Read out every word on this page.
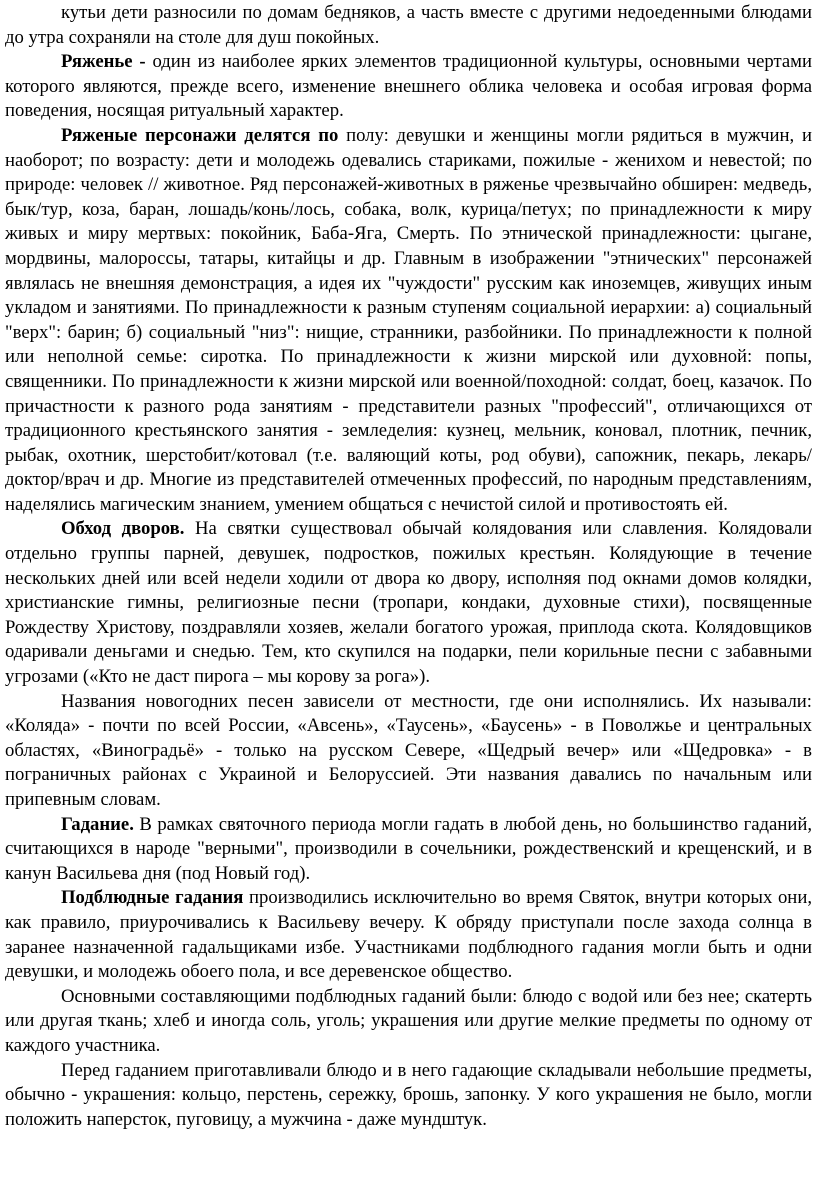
кутьи дети разносили по домам бедняков, а часть вместе с другими недоеденными блюдами до утра сохраняли на столе для душ покойных.

Ряженье - один из наиболее ярких элементов традиционной культуры, основными чертами которого являются, прежде всего, изменение внешнего облика человека и особая игровая форма поведения, носящая ритуальный характер.

Ряженые персонажи делятся по полу: девушки и женщины могли рядиться в мужчин, и наоборот; по возрасту: дети и молодежь одевались стариками, пожилые - женихом и невестой; по природе: человек // животное. Ряд персонажей-животных в ряженье чрезвычайно обширен: медведь, бык/тур, коза, баран, лошадь/конь/лось, собака, волк, курица/петух; по принадлежности к миру живых и миру мертвых: покойник, Баба-Яга, Смерть. По этнической принадлежности: цыгане, мордвины, малороссы, татары, китайцы и др. Главным в изображении "этнических" персонажей являлась не внешняя демонстрация, а идея их "чуждости" русским как иноземцев, живущих иным укладом и занятиями. По принадлежности к разным ступеням социальной иерархии: а) социальный "верх": барин; б) социальный "низ": нищие, странники, разбойники. По принадлежности к полной или неполной семье: сиротка. По принадлежности к жизни мирской или духовной: попы, священники. По принадлежности к жизни мирской или военной/походной: солдат, боец, казачок. По причастности к разного рода занятиям - представители разных "профессий", отличающихся от традиционного крестьянского занятия - земледелия: кузнец, мельник, коновал, плотник, печник, рыбак, охотник, шерстобит/котовал (т.е. валяющий коты, род обуви), сапожник, пекарь, лекарь/доктор/врач и др. Многие из представителей отмеченных профессий, по народным представлениям, наделялись магическим знанием, умением общаться с нечистой силой и противостоять ей.

Обход дворов. На святки существовал обычай колядования или славления. Колядовали отдельно группы парней, девушек, подростков, пожилых крестьян. Колядующие в течение нескольких дней или всей недели ходили от двора ко двору, исполняя под окнами домов колядки, христианские гимны, религиозные песни (тропари, кондаки, духовные стихи), посвященные Рождеству Христову, поздравляли хозяев, желали богатого урожая, приплода скота. Колядовщиков одаривали деньгами и снедью. Тем, кто скупился на подарки, пели корильные песни с забавными угрозами («Кто не даст пирога – мы корову за рога»).

Названия новогодних песен зависели от местности, где они исполнялись. Их называли: «Коляда» - почти по всей России, «Авсень», «Таусень», «Баусень» - в Поволжье и центральных областях, «Виноградьё» - только на русском Севере, «Щедрый вечер» или «Щедровка» - в пограничных районах с Украиной и Белоруссией. Эти названия давались по начальным или припевным словам.

Гадание. В рамках святочного периода могли гадать в любой день, но большинство гаданий, считающихся в народе "верными", производили в сочельники, рождественский и крещенский, и в канун Васильева дня (под Новый год).

Подблюдные гадания производились исключительно во время Святок, внутри которых они, как правило, приурочивались к Васильеву вечеру. К обряду приступали после захода солнца в заранее назначенной гадальщиками избе. Участниками подблюдного гадания могли быть и одни девушки, и молодежь обоего пола, и все деревенское общество.

Основными составляющими подблюдных гаданий были: блюдо с водой или без нее; скатерть или другая ткань; хлеб и иногда соль, уголь; украшения или другие мелкие предметы по одному от каждого участника.

Перед гаданием приготавливали блюдо и в него гадающие складывали небольшие предметы, обычно - украшения: кольцо, перстень, сережку, брошь, запонку. У кого украшения не было, могли положить наперсток, пуговицу, а мужчина - даже мундштук.
